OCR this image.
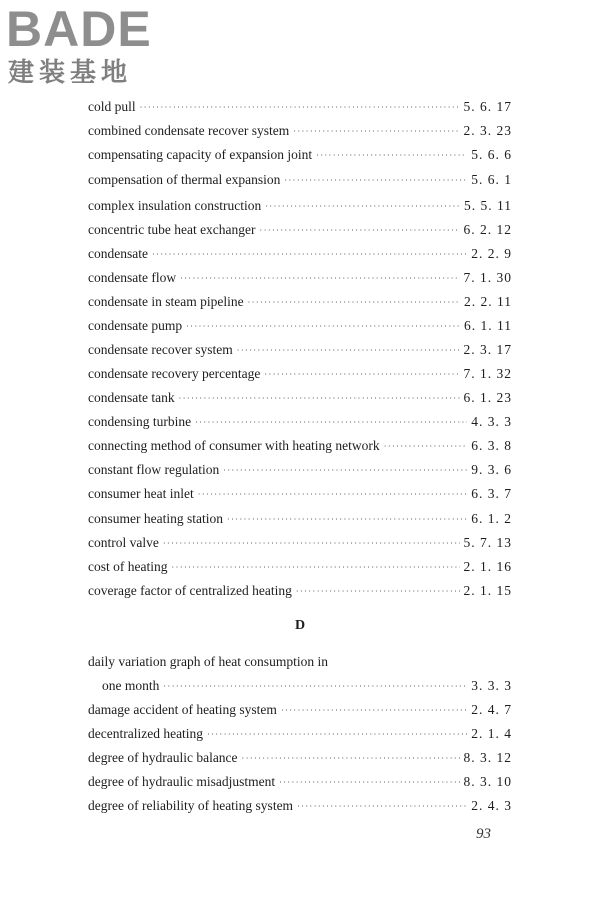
BADE
建装基地
cold pull ·····	5. 6. 17
combined condensate recover system ·····	2. 3. 23
compensating capacity of expansion joint ·····	5. 6. 6
compensation of thermal expansion ·····	5. 6. 1
complex insulation construction ·····	5. 5. 11
concentric tube heat exchanger ·····	6. 2. 12
condensate ·····	2. 2. 9
condensate flow ·····	7. 1. 30
condensate in steam pipeline ·····	2. 2. 11
condensate pump ·····	6. 1. 11
condensate recover system ·····	2. 3. 17
condensate recovery percentage ·····	7. 1. 32
condensate tank ·····	6. 1. 23
condensing turbine ·····	4. 3. 3
connecting method of consumer with heating network ·····	6. 3. 8
constant flow regulation ·····	9. 3. 6
consumer heat inlet ·····	6. 3. 7
consumer heating station ·····	6. 1. 2
control valve ·····	5. 7. 13
cost of heating ·····	2. 1. 16
coverage factor of centralized heating ·····	2. 1. 15
D
daily variation graph of heat consumption in
one month ·····	3. 3. 3
damage accident of heating system ·····	2. 4. 7
decentralized heating ·····	2. 1. 4
degree of hydraulic balance ·····	8. 3. 12
degree of hydraulic misadjustment ·····	8. 3. 10
degree of reliability of heating system ·····	2. 4. 3
93
